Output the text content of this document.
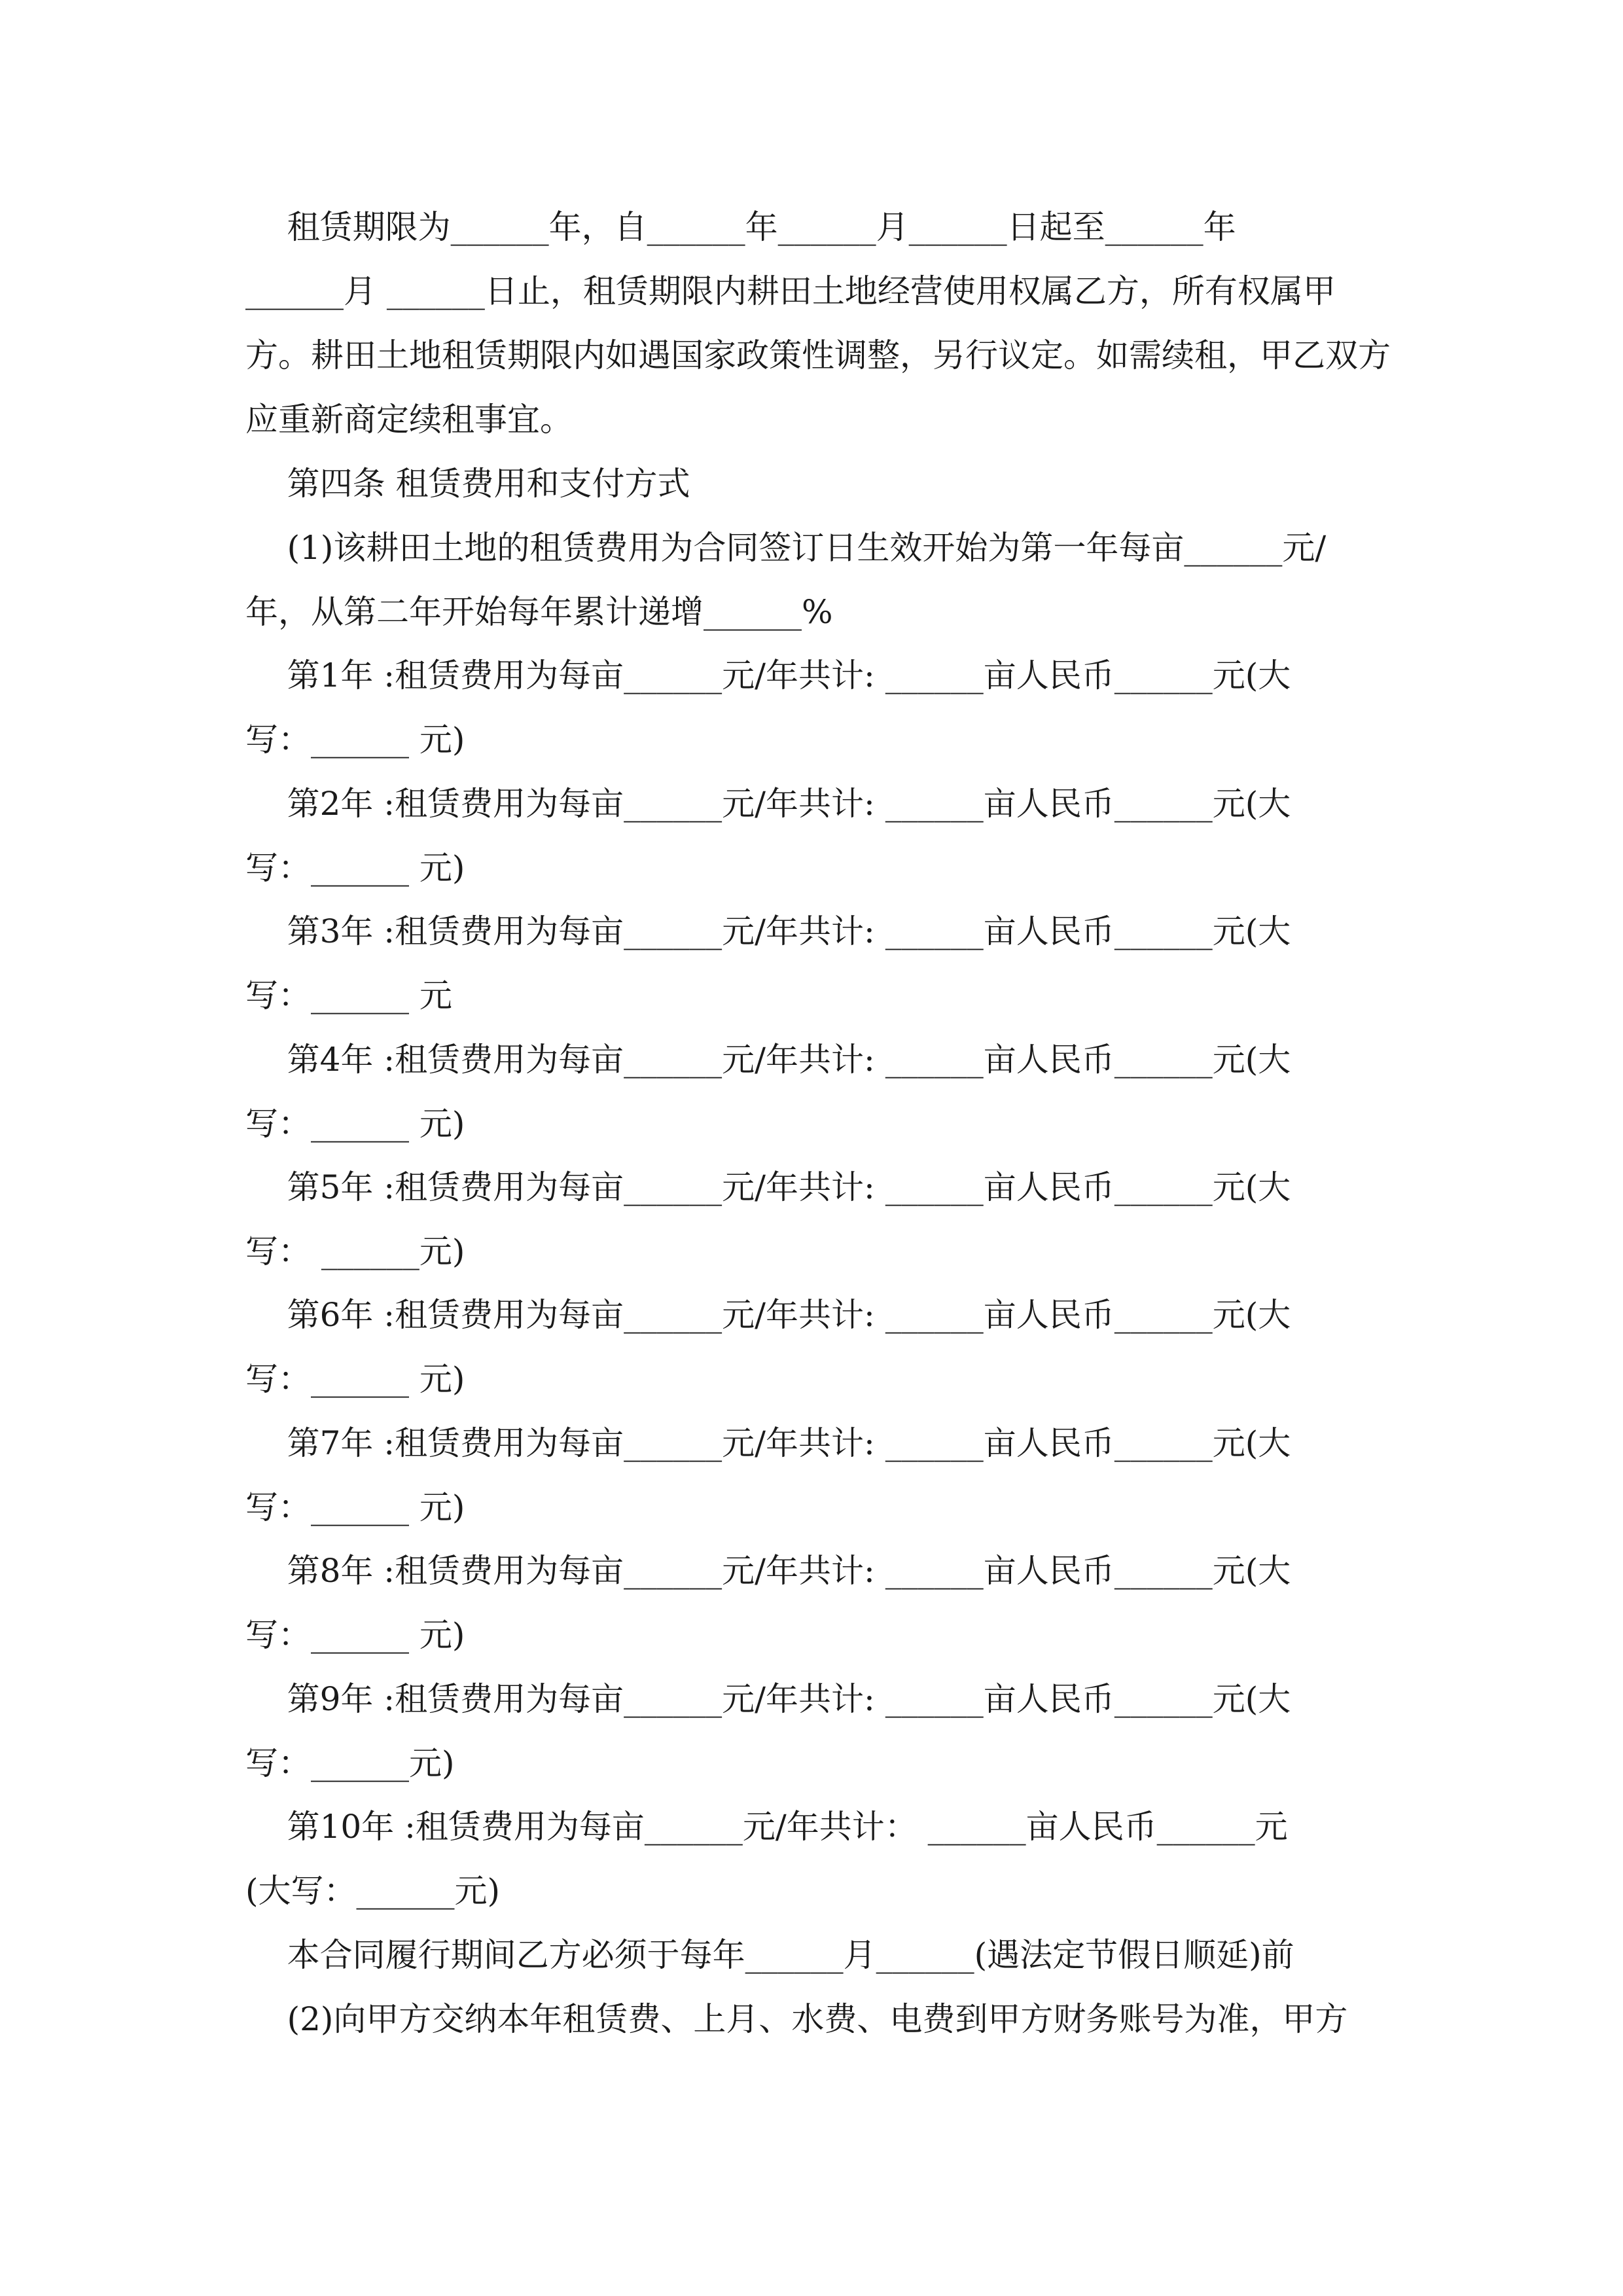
租赁期限为______年，自______年______月______日起至______年
______月 ______日止，租赁期限内耕田土地经营使用权属乙方，所有权属甲
方。耕田土地租赁期限内如遇国家政策性调整，另行议定。如需续租，甲乙双方
应重新商定续租事宜。
第四条 租赁费用和支付方式
(1)该耕田土地的租赁费用为合同签订日生效开始为第一年每亩______元/
年，从第二年开始每年累计递增______%
第1年 :租赁费用为每亩______元/年共计: ______亩人民币______元(大
写：______ 元)
第2年 :租赁费用为每亩______元/年共计: ______亩人民币______元(大
写：______ 元)
第3年 :租赁费用为每亩______元/年共计: ______亩人民币______元(大
写：______ 元
第4年 :租赁费用为每亩______元/年共计: ______亩人民币______元(大
写：______ 元)
第5年 :租赁费用为每亩______元/年共计: ______亩人民币______元(大
写： ______元)
第6年 :租赁费用为每亩______元/年共计: ______亩人民币______元(大
写：______ 元)
第7年 :租赁费用为每亩______元/年共计: ______亩人民币______元(大
写：______ 元)
第8年 :租赁费用为每亩______元/年共计: ______亩人民币______元(大
写：______ 元)
第9年 :租赁费用为每亩______元/年共计: ______亩人民币______元(大
写：______元)
第10年 :租赁费用为每亩______元/年共计： ______亩人民币______元
(大写：______元)
本合同履行期间乙方必须于每年______月______(遇法定节假日顺延)前
(2)向甲方交纳本年租赁费、上月、水费、电费到甲方财务账号为准，甲方
